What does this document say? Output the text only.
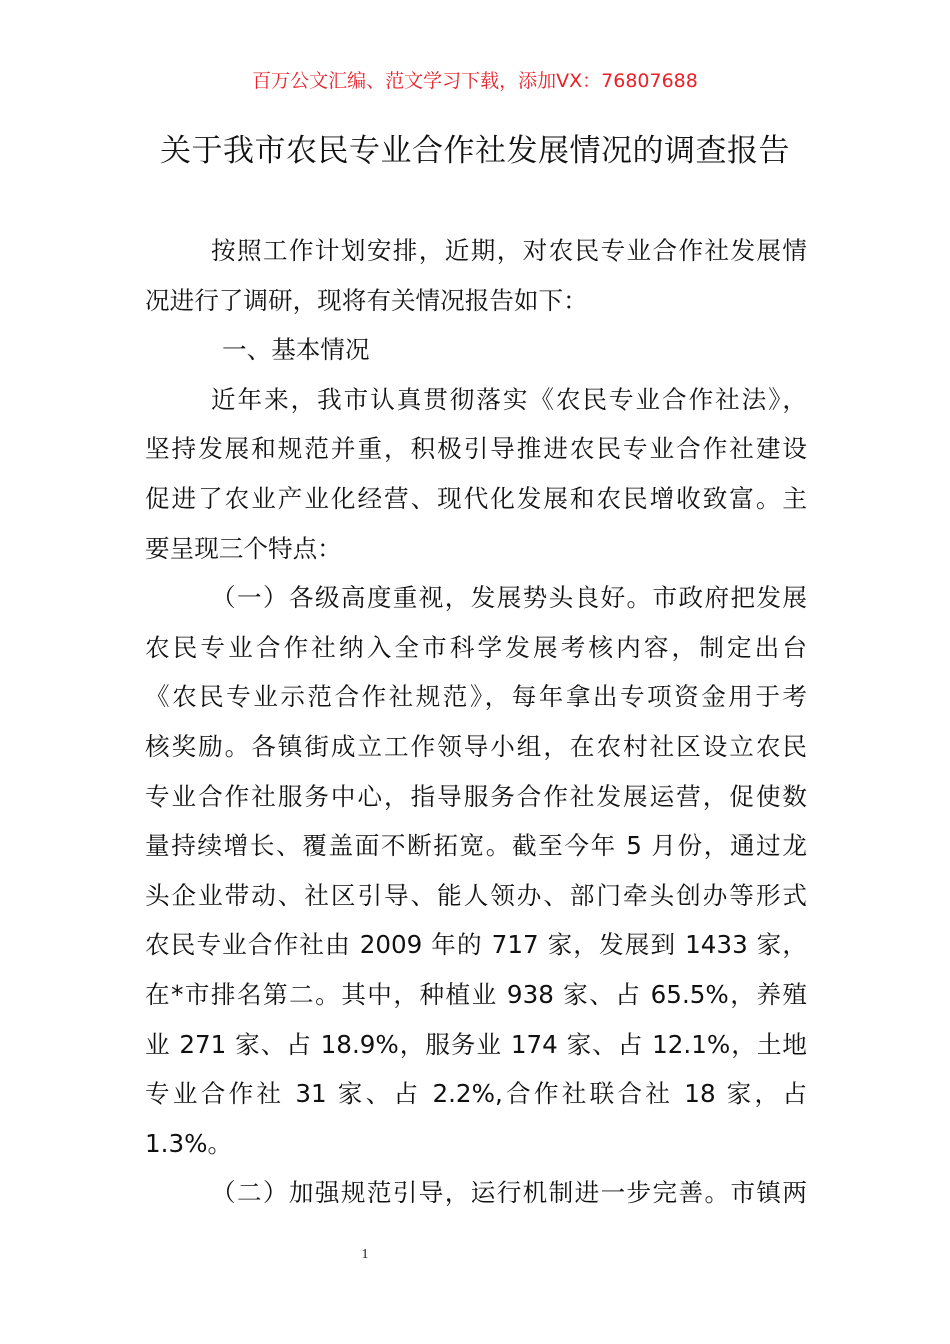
百万公文汇编、范文学习下载，添加VX：76807688
关于我市农民专业合作社发展情况的调查报告
按照工作计划安排，近期，对农民专业合作社发展情
况进行了调研，现将有关情况报告如下：
一、基本情况
近年来，我市认真贯彻落实《农民专业合作社法》，
坚持发展和规范并重，积极引导推进农民专业合作社建设
促进了农业产业化经营、现代化发展和农民增收致富。主
要呈现三个特点：
（一）各级高度重视，发展势头良好。市政府把发展
农民专业合作社纳入全市科学发展考核内容，制定出台
《农民专业示范合作社规范》，每年拿出专项资金用于考
核奖励。各镇街成立工作领导小组，在农村社区设立农民
专业合作社服务中心，指导服务合作社发展运营，促使数
量持续增长、覆盖面不断拓宽。截至今年 5 月份，通过龙
头企业带动、社区引导、能人领办、部门牵头创办等形式
农民专业合作社由 2009 年的 717 家，发展到 1433 家，
在*市排名第二。其中，种植业 938 家、占 65.5%，养殖
业 271 家、占 18.9%，服务业 174 家、占 12.1%，土地
专业合作社 31 家、占 2.2%,合作社联合社 18 家，占
1.3%。
（二）加强规范引导，运行机制进一步完善。市镇两
1
